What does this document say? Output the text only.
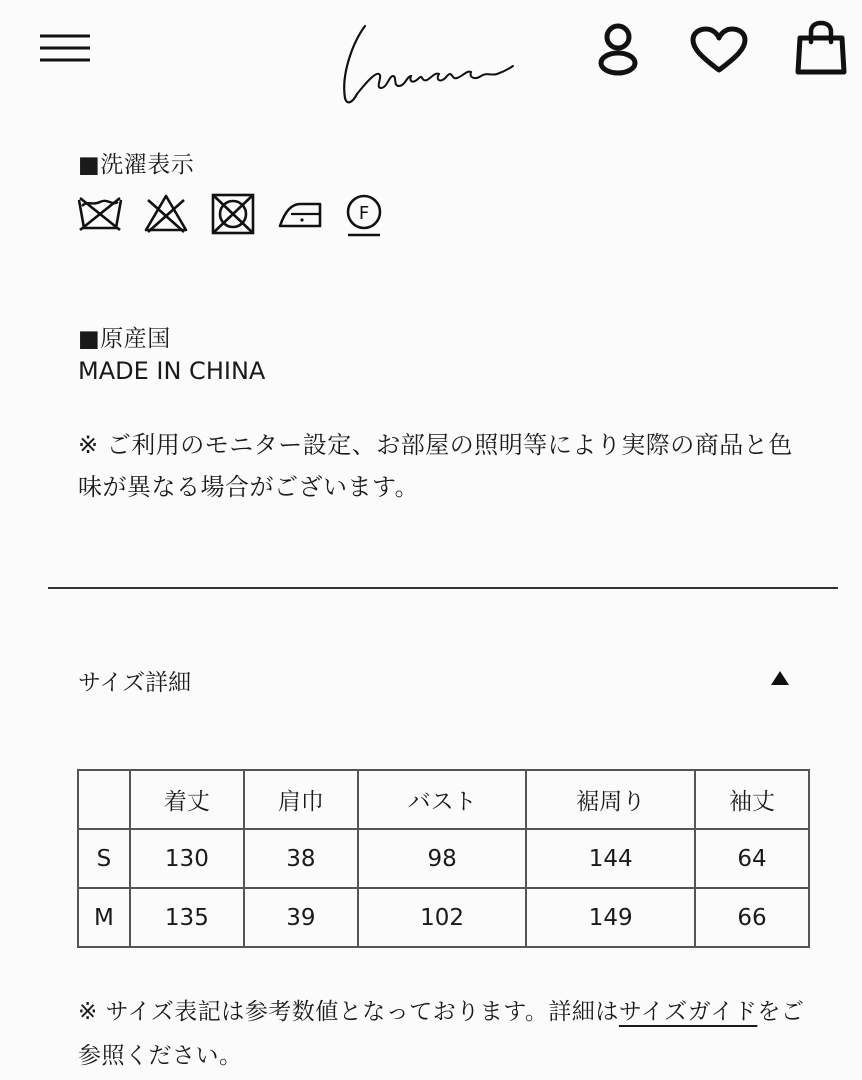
■洗濯表示
F
■原産国
MADE IN CHINA
※ ご利用のモニター設定、お部屋の照明等により実際の商品と色味が異なる場合がございます。
サイズ詳細
	着丈	肩巾	バスト	裾周り	袖丈
S	130	38	98	144	64
M	135	39	102	149	66
※ サイズ表記は参考数値となっております。詳細はサイズガイドをご参照ください。
